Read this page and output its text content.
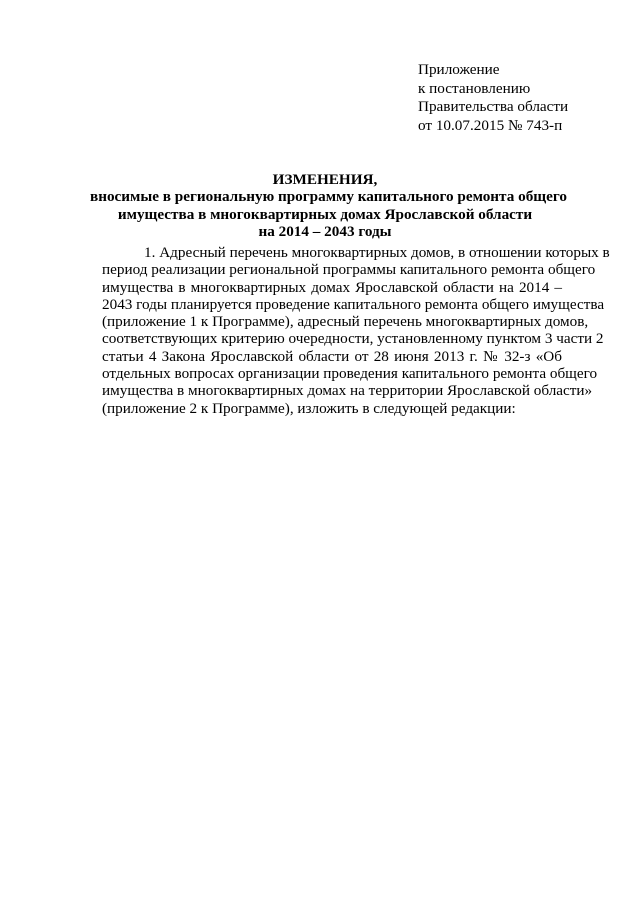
Приложение
к постановлению
Правительства области
от 10.07.2015 № 743-п
ИЗМЕНЕНИЯ,
вносимые в региональную программу капитального ремонта общего
имущества в многоквартирных домах Ярославской области
на 2014 – 2043 годы
1. Адресный перечень многоквартирных домов, в отношении которых в
период реализации региональной программы капитального ремонта общего
имущества в многоквартирных домах Ярославской области на 2014 –
2043 годы планируется проведение капитального ремонта общего имущества
(приложение 1 к Программе), адресный перечень многоквартирных домов,
соответствующих критерию очередности, установленному пунктом 3 части 2
статьи 4 Закона Ярославской области от 28 июня 2013 г. № 32-з «Об
отдельных вопросах организации проведения капитального ремонта общего
имущества в многоквартирных домах на территории Ярославской области»
(приложение 2 к Программе), изложить в следующей редакции:
